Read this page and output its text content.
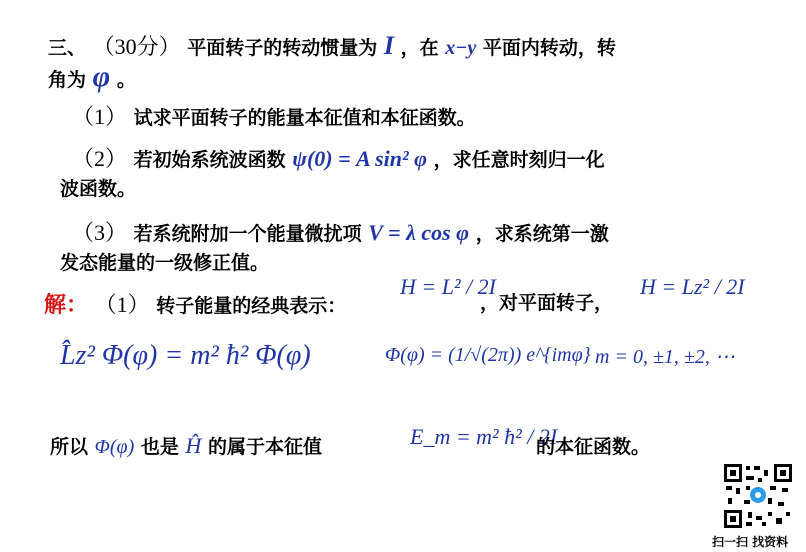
三、 （30分） 平面转子的转动惯量为 I ，在 x−y 平面内转动，转
角为 φ 。
（1） 试求平面转子的能量本征值和本征函数。
（2） 若初始系统波函数 ψ(0) = A sin² φ ，求任意时刻归一化
波函数。
（3） 若系统附加一个能量微扰项 V = λ cos φ ，求系统第一激
发态能量的一级修正值。
解： （1） 转子能量的经典表示：
H = L² / 2I
，对平面转子，
H = Lz² / 2I
L̂z² Φ(φ) = m² ħ² Φ(φ)	Φ(φ) = (1/√(2π)) e^{imφ} m = 0, ±1, ±2, ⋯
所以 Φ(φ) 也是 Ĥ 的属于本征值	E_m = m² ħ² / 2I
的本征函数。
扫一扫 找资料
